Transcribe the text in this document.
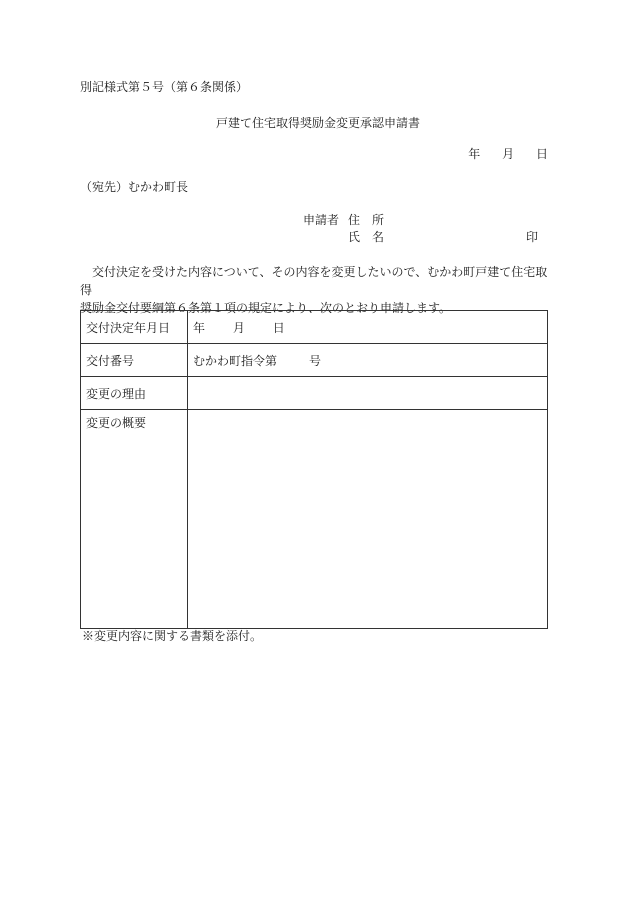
別記様式第５号（第６条関係）
戸建て住宅取得奨励金変更承認申請書
年 月 日
（宛先）むかわ町長
申請者 住　所
氏　名	印

交付決定を受けた内容について、その内容を変更したいので、むかわ町戸建て住宅取得

奨励金交付要綱第６条第１項の規定により、次のとおり申請します。

交付決定年月日	年 月 日
交付番号	むかわ町指令第 号
変更の理由	
変更の概要	
※変更内容に関する書類を添付。
